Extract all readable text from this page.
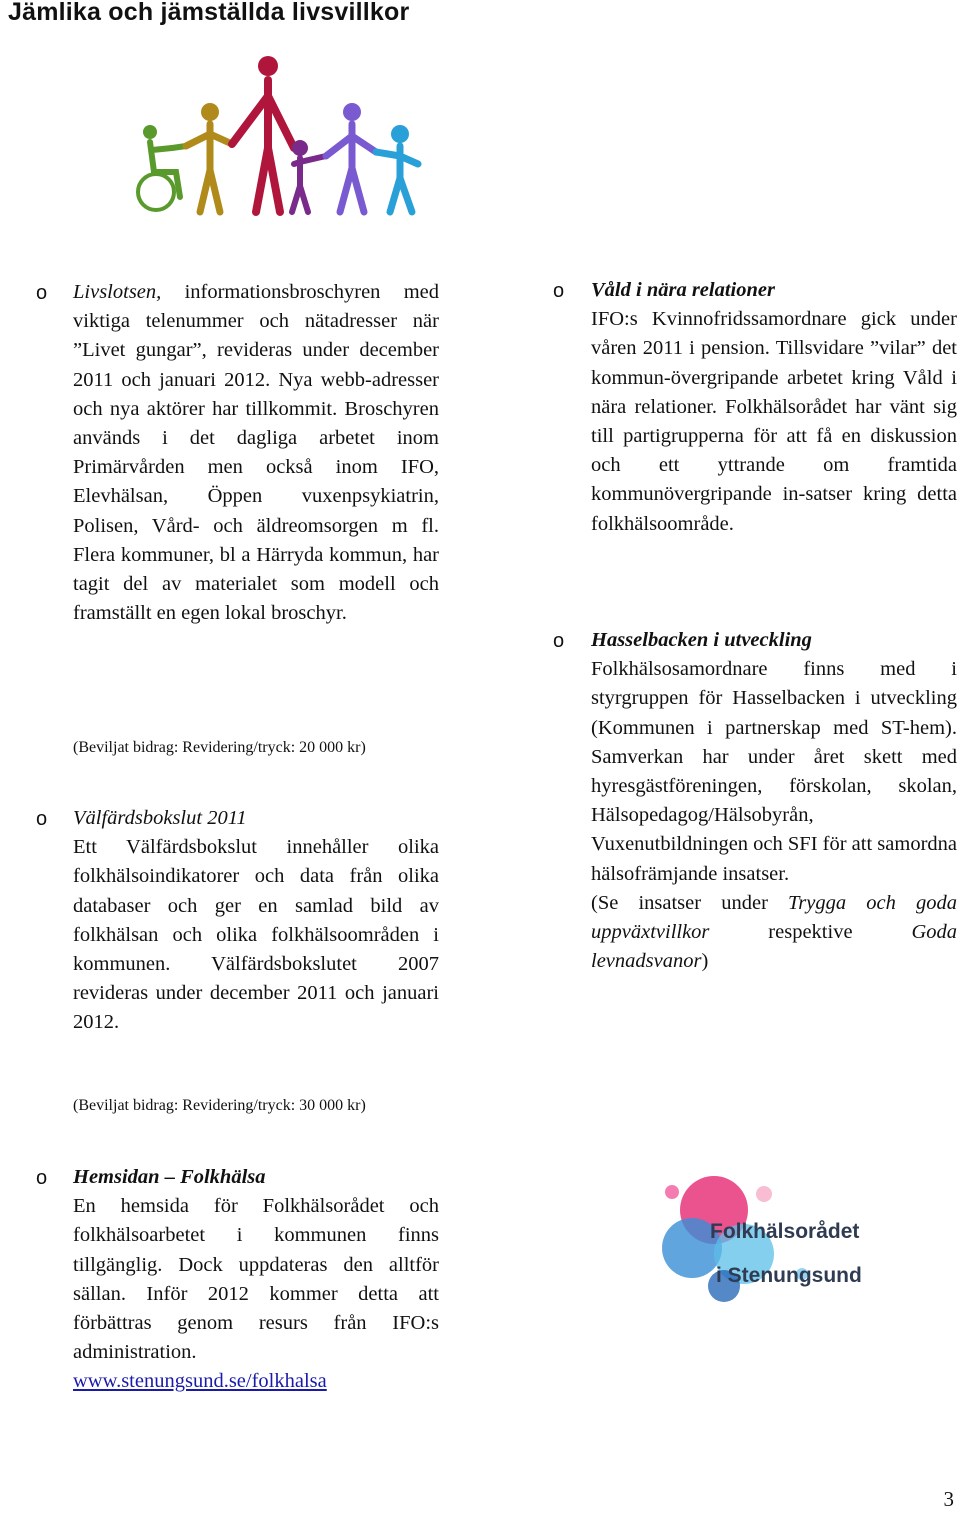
Jämlika och jämställda livsvillkor
o Livslotsen, informationsbroschyren med viktiga telenummer och nätadresser när ”Livet gungar”, revideras under december 2011 och januari 2012. Nya webb-adresser och nya aktörer har tillkommit. Broschyren används i det dagliga arbetet inom Primärvården men också inom IFO, Elevhälsan, Öppen vuxenpsykiatrin, Polisen, Vård- och äldreomsorgen m fl. Flera kommuner, bl a Härryda kommun, har tagit del av materialet som modell och framställt en egen lokal broschyr.
(Beviljat bidrag: Revidering/tryck: 20 000 kr)
o Välfärdsbokslut 2011
Ett Välfärdsbokslut innehåller olika folkhälsoindikatorer och data från olika databaser och ger en samlad bild av folkhälsan och olika folkhälsoområden i kommunen. Välfärdsbokslutet 2007 revideras under december 2011 och januari 2012.
(Beviljat bidrag: Revidering/tryck: 30 000 kr)
o Hemsidan – Folkhälsa
En hemsida för Folkhälsorådet och folkhälsoarbetet i kommunen finns tillgänglig. Dock uppdateras den alltför sällan. Inför 2012 kommer detta att förbättras genom resurs från IFO:s administration.
www.stenungsund.se/folkhalsa
o Våld i nära relationer
IFO:s Kvinnofridssamordnare gick under våren 2011 i pension. Tillsvidare ”vilar” det kommun-övergripande arbetet kring Våld i nära relationer. Folkhälsorådet har vänt sig till partigrupperna för att få en diskussion och ett yttrande om framtida kommunövergripande in-satser kring detta folkhälsoområde.
o Hasselbacken i utveckling
Folkhälsosamordnare finns med i styrgruppen för Hasselbacken i utveckling (Kommunen i partnerskap med ST-hem). Samverkan har under året skett med hyresgästföreningen, förskolan, skolan, Hälsopedagog/Hälsobyrån, Vuxenutbildningen och SFI för att samordna hälsofrämjande insatser.
(Se insatser under Trygga och goda uppväxtvillkor respektive Goda levnadsvanor)
Folkhälsorådet
i Stenungsund
3
